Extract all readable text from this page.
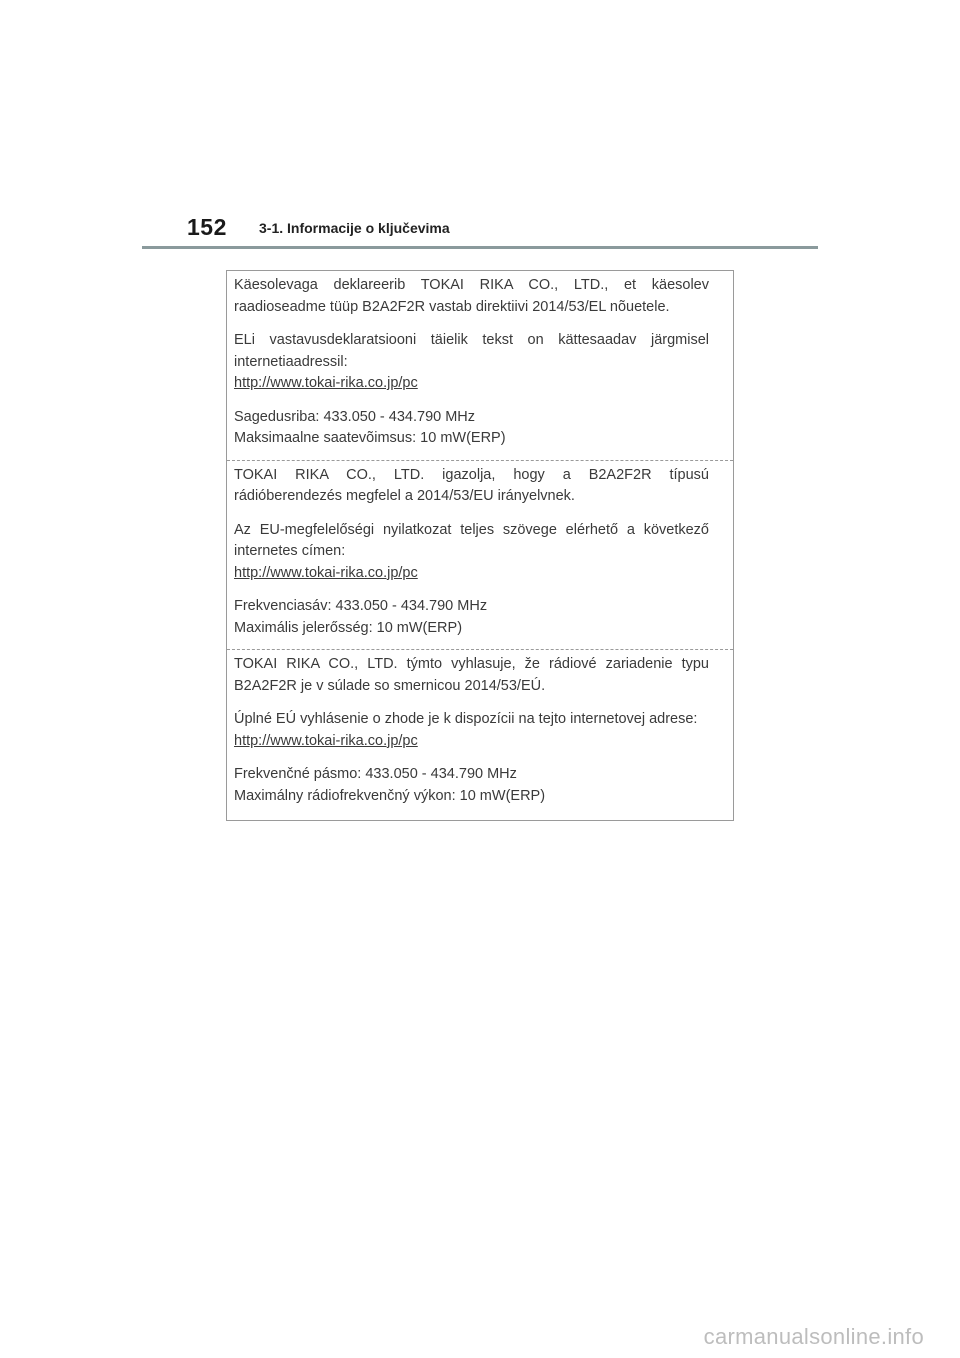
152 3-1. Informacije o ključevima

Käesolevaga deklareerib TOKAI RIKA CO., LTD., et käesolev raadioseadme tüüp B2A2F2R vastab direktiivi 2014/53/EL nõuetele.

ELi vastavusdeklaratsiooni täielik tekst on kättesaadav järgmisel internetiaadressil:

http://www.tokai-rika.co.jp/pc

Sagedusriba: 433.050 - 434.790 MHz

Maksimaalne saatevõimsus: 10 mW(ERP)

TOKAI RIKA CO., LTD. igazolja, hogy a B2A2F2R típusú rádióberendezés megfelel a 2014/53/EU irányelvnek.

Az EU-megfelelőségi nyilatkozat teljes szövege elérhető a következő internetes címen:

http://www.tokai-rika.co.jp/pc

Frekvenciasáv: 433.050 - 434.790 MHz

Maximális jelerősség: 10 mW(ERP)

TOKAI RIKA CO., LTD. týmto vyhlasuje, že rádiové zariadenie typu B2A2F2R je v súlade so smernicou 2014/53/EÚ.

Úplné EÚ vyhlásenie o zhode je k dispozícii na tejto internetovej adrese:

http://www.tokai-rika.co.jp/pc

Frekvenčné pásmo: 433.050 - 434.790 MHz

Maximálny rádiofrekvenčný výkon: 10 mW(ERP)

carmanualsonline.info
